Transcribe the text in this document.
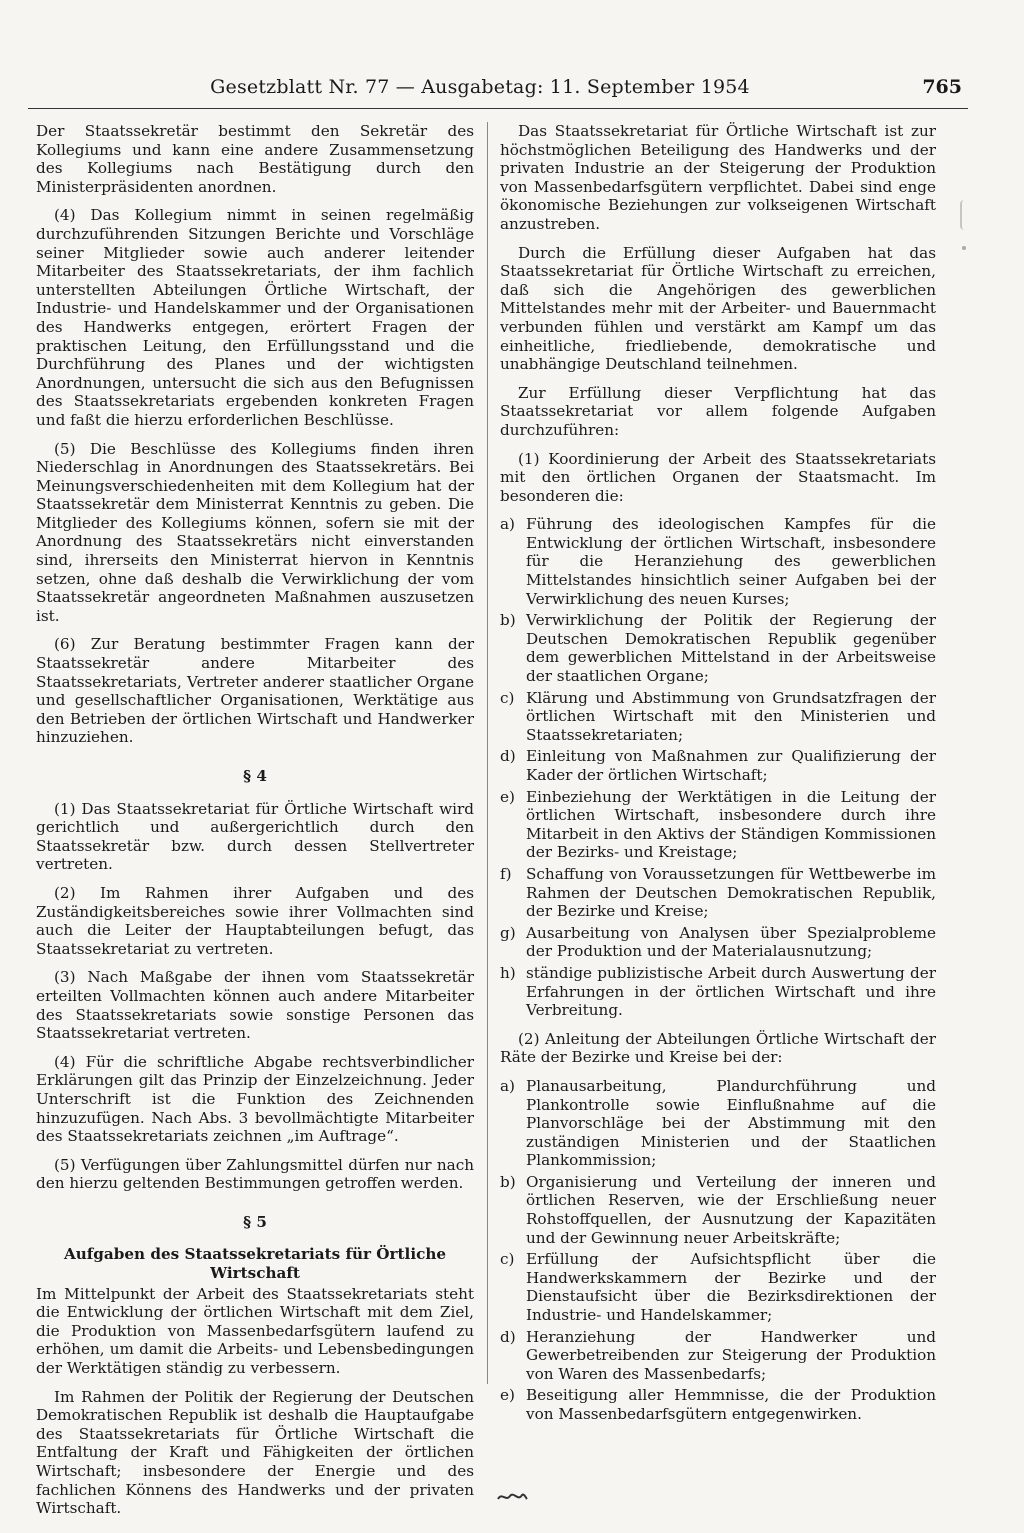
Gesetzblatt Nr. 77 — Ausgabetag: 11. September 1954	765

Der Staatssekretär bestimmt den Sekretär des Kollegiums und kann eine andere Zusammensetzung des Kollegiums nach Bestätigung durch den Ministerpräsidenten anordnen.

(4) Das Kollegium nimmt in seinen regelmäßig durchzuführenden Sitzungen Berichte und Vorschläge seiner Mitglieder sowie auch anderer leitender Mitarbeiter des Staatssekretariats, der ihm fachlich unterstellten Abteilungen Örtliche Wirtschaft, der Industrie- und Handelskammer und der Organisationen des Handwerks entgegen, erörtert Fragen der praktischen Leitung, den Erfüllungsstand und die Durchführung des Planes und der wichtigsten Anordnungen, untersucht die sich aus den Befugnissen des Staatssekretariats ergebenden konkreten Fragen und faßt die hierzu erforderlichen Beschlüsse.

(5) Die Beschlüsse des Kollegiums finden ihren Niederschlag in Anordnungen des Staatssekretärs. Bei Meinungsverschiedenheiten mit dem Kollegium hat der Staatssekretär dem Ministerrat Kenntnis zu geben. Die Mitglieder des Kollegiums können, sofern sie mit der Anordnung des Staatssekretärs nicht einverstanden sind, ihrerseits den Ministerrat hiervon in Kenntnis setzen, ohne daß deshalb die Verwirklichung der vom Staatssekretär angeordneten Maßnahmen auszusetzen ist.

(6) Zur Beratung bestimmter Fragen kann der Staatssekretär andere Mitarbeiter des Staatssekretariats, Vertreter anderer staatlicher Organe und gesellschaftlicher Organisationen, Werktätige aus den Betrieben der örtlichen Wirtschaft und Handwerker hinzuziehen.

§ 4

(1) Das Staatssekretariat für Örtliche Wirtschaft wird gerichtlich und außergerichtlich durch den Staatssekretär bzw. durch dessen Stellvertreter vertreten.

(2) Im Rahmen ihrer Aufgaben und des Zuständigkeitsbereiches sowie ihrer Vollmachten sind auch die Leiter der Hauptabteilungen befugt, das Staatssekretariat zu vertreten.

(3) Nach Maßgabe der ihnen vom Staatssekretär erteilten Vollmachten können auch andere Mitarbeiter des Staatssekretariats sowie sonstige Personen das Staatssekretariat vertreten.

(4) Für die schriftliche Abgabe rechtsverbindlicher Erklärungen gilt das Prinzip der Einzelzeichnung. Jeder Unterschrift ist die Funktion des Zeichnenden hinzuzufügen. Nach Abs. 3 bevollmächtigte Mitarbeiter des Staatssekretariats zeichnen „im Auftrage“.

(5) Verfügungen über Zahlungsmittel dürfen nur nach den hierzu geltenden Bestimmungen getroffen werden.

§ 5

Aufgaben des Staatssekretariats für Örtliche Wirtschaft

Im Mittelpunkt der Arbeit des Staatssekretariats steht die Entwicklung der örtlichen Wirtschaft mit dem Ziel, die Produktion von Massenbedarfsgütern laufend zu erhöhen, um damit die Arbeits- und Lebensbedingungen der Werktätigen ständig zu verbessern.

Im Rahmen der Politik der Regierung der Deutschen Demokratischen Republik ist deshalb die Hauptaufgabe des Staatssekretariats für Örtliche Wirtschaft die Entfaltung der Kraft und Fähigkeiten der örtlichen Wirtschaft; insbesondere der Energie und des fachlichen Könnens des Handwerks und der privaten Wirtschaft.

Das Staatssekretariat für Örtliche Wirtschaft ist zur höchstmöglichen Beteiligung des Handwerks und der privaten Industrie an der Steigerung der Produktion von Massenbedarfsgütern verpflichtet. Dabei sind enge ökonomische Beziehungen zur volkseigenen Wirtschaft anzustreben.

Durch die Erfüllung dieser Aufgaben hat das Staatssekretariat für Örtliche Wirtschaft zu erreichen, daß sich die Angehörigen des gewerblichen Mittelstandes mehr mit der Arbeiter- und Bauernmacht verbunden fühlen und verstärkt am Kampf um das einheitliche, friedliebende, demokratische und unabhängige Deutschland teilnehmen.

Zur Erfüllung dieser Verpflichtung hat das Staatssekretariat vor allem folgende Aufgaben durchzuführen:

(1) Koordinierung der Arbeit des Staatssekretariats mit den örtlichen Organen der Staatsmacht. Im besonderen die:

a) Führung des ideologischen Kampfes für die Entwicklung der örtlichen Wirtschaft, insbesondere für die Heranziehung des gewerblichen Mittelstandes hinsichtlich seiner Aufgaben bei der Verwirklichung des neuen Kurses;
b) Verwirklichung der Politik der Regierung der Deutschen Demokratischen Republik gegenüber dem gewerblichen Mittelstand in der Arbeitsweise der staatlichen Organe;
c) Klärung und Abstimmung von Grundsatzfragen der örtlichen Wirtschaft mit den Ministerien und Staatssekretariaten;
d) Einleitung von Maßnahmen zur Qualifizierung der Kader der örtlichen Wirtschaft;
e) Einbeziehung der Werktätigen in die Leitung der örtlichen Wirtschaft, insbesondere durch ihre Mitarbeit in den Aktivs der Ständigen Kommissionen der Bezirks- und Kreistage;
f) Schaffung von Voraussetzungen für Wettbewerbe im Rahmen der Deutschen Demokratischen Republik, der Bezirke und Kreise;
g) Ausarbeitung von Analysen über Spezialprobleme der Produktion und der Materialausnutzung;
h) ständige publizistische Arbeit durch Auswertung der Erfahrungen in der örtlichen Wirtschaft und ihre Verbreitung.

(2) Anleitung der Abteilungen Örtliche Wirtschaft der Räte der Bezirke und Kreise bei der:

a) Planausarbeitung, Plandurchführung und Plankontrolle sowie Einflußnahme auf die Planvorschläge bei der Abstimmung mit den zuständigen Ministerien und der Staatlichen Plankommission;
b) Organisierung und Verteilung der inneren und örtlichen Reserven, wie der Erschließung neuer Rohstoffquellen, der Ausnutzung der Kapazitäten und der Gewinnung neuer Arbeitskräfte;
c) Erfüllung der Aufsichtspflicht über die Handwerkskammern der Bezirke und der Dienstaufsicht über die Bezirksdirektionen der Industrie- und Handelskammer;
d) Heranziehung der Handwerker und Gewerbetreibenden zur Steigerung der Produktion von Waren des Massenbedarfs;
e) Beseitigung aller Hemmnisse, die der Produktion von Massenbedarfsgütern entgegenwirken.
